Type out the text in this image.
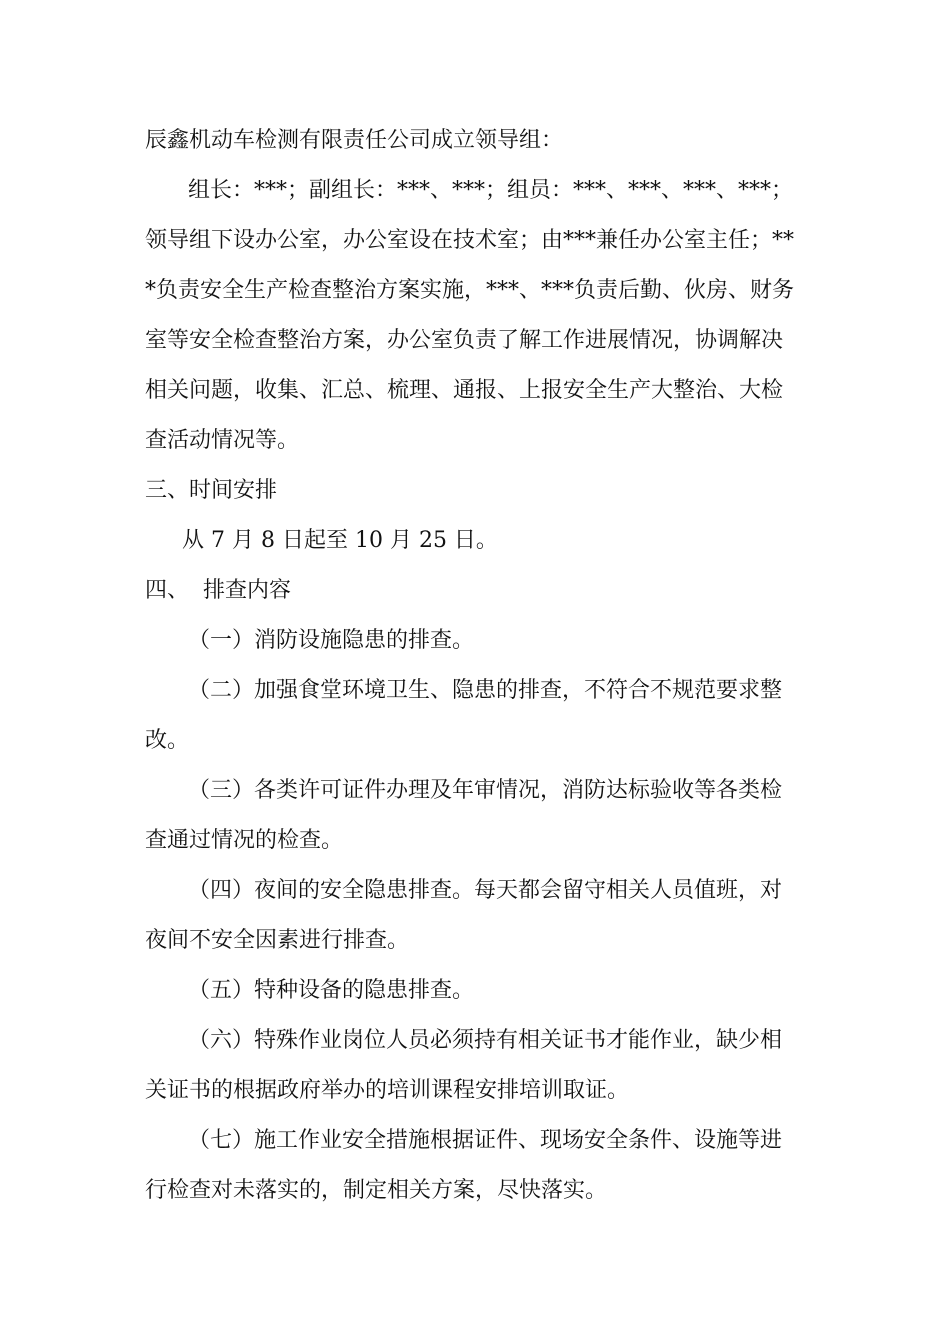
辰鑫机动车检测有限责任公司成立领导组：
组长：***；副组长：***、***；组员：***、***、***、***；
领导组下设办公室，办公室设在技术室；由***兼任办公室主任；**
*负责安全生产检查整治方案实施，***、***负责后勤、伙房、财务
室等安全检查整治方案，办公室负责了解工作进展情况，协调解决
相关问题，收集、汇总、梳理、通报、上报安全生产大整治、大检
查活动情况等。
三、时间安排
从 7 月 8 日起至 10 月 25 日。
四、  排查内容
（一）消防设施隐患的排查。
（二）加强食堂环境卫生、隐患的排查，不符合不规范要求整
改。
（三）各类许可证件办理及年审情况，消防达标验收等各类检
查通过情况的检查。
（四）夜间的安全隐患排查。每天都会留守相关人员值班，对
夜间不安全因素进行排查。
（五）特种设备的隐患排查。
（六）特殊作业岗位人员必须持有相关证书才能作业，缺少相
关证书的根据政府举办的培训课程安排培训取证。
（七）施工作业安全措施根据证件、现场安全条件、设施等进
行检查对未落实的，制定相关方案，尽快落实。
